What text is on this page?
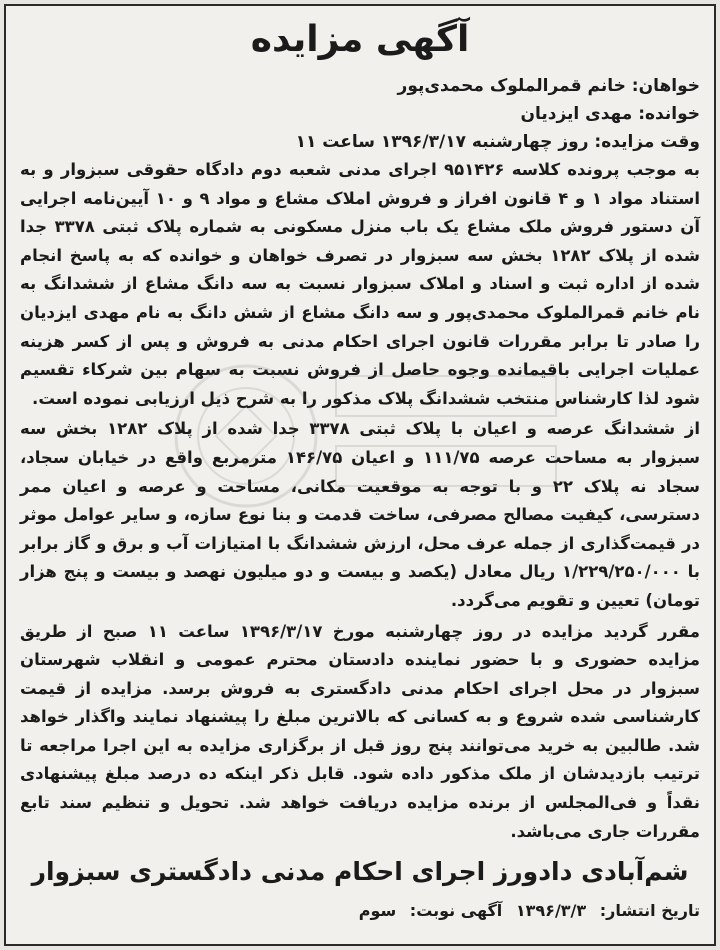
آگهی مزایده
خواهان: خانم قمرالملوک محمدی‌پور
خوانده: مهدی ایزدیان
وقت مزایده: روز چهارشنبه ۱۳۹۶/۳/۱۷ ساعت ۱۱

به موجب پرونده کلاسه ۹۵۱۴۲۶ اجرای مدنی شعبه دوم دادگاه حقوقی سبزوار و به استناد مواد ۱ و ۴ قانون افراز و فروش املاک مشاع و مواد ۹ و ۱۰ آیین‌نامه اجرایی آن دستور فروش ملک مشاع یک باب منزل مسکونی به شماره پلاک ثبتی ۳۳۷۸ جدا شده از پلاک ۱۲۸۲ بخش سه سبزوار در تصرف خواهان و خوانده که به پاسخ انجام شده از اداره ثبت و اسناد و املاک سبزوار نسبت به سه دانگ مشاع از ششدانگ به نام خانم قمرالملوک محمدی‌پور و سه دانگ مشاع از شش دانگ به نام مهدی ایزدیان را صادر تا برابر مقررات قانون اجرای احکام مدنی به فروش و پس از کسر هزینه عملیات اجرایی باقیمانده وجوه حاصل از فروش نسبت به سهام بین شرکاء تقسیم شود لذا کارشناس منتخب ششدانگ پلاک مذکور را به شرح ذیل ارزیابی نموده است.

از ششدانگ عرصه و اعیان با پلاک ثبتی ۳۳۷۸ جدا شده از پلاک ۱۲۸۲ بخش سه سبزوار به مساحت عرصه ۱۱۱/۷۵ و اعیان ۱۴۶/۷۵ مترمربع واقع در خیابان سجاد، سجاد نه پلاک ۲۲ و با توجه به موقعیت مکانی، مساحت و عرصه و اعیان ممر دسترسی، کیفیت مصالح مصرفی، ساخت قدمت و بنا نوع سازه، و سایر عوامل موثر در قیمت‌گذاری از جمله عرف محل، ارزش ششدانگ با امتیازات آب و برق و گاز برابر با ۱/۲۲۹/۲۵۰/۰۰۰ ریال معادل (یکصد و بیست و دو میلیون نهصد و بیست و پنج هزار تومان) تعیین و تقویم می‌گردد.

مقرر گردید مزایده در روز چهارشنبه مورخ ۱۳۹۶/۳/۱۷ ساعت ۱۱ صبح از طریق مزایده حضوری و با حضور نماینده دادستان محترم عمومی و انقلاب شهرستان سبزوار در محل اجرای احکام مدنی دادگستری به فروش برسد. مزایده از قیمت کارشناسی شده شروع و به کسانی که بالاترین مبلغ را پیشنهاد نمایند واگذار خواهد شد. طالبین به خرید می‌توانند پنج روز قبل از برگزاری مزایده به این اجرا مراجعه تا ترتیب بازدیدشان از ملک مذکور داده شود. قابل ذکر اینکه ده درصد مبلغ پیشنهادی نقداً و فی‌المجلس از برنده مزایده دریافت خواهد شد. تحویل و تنظیم سند تابع مقررات جاری می‌باشد.

شم‌آبادی دادورز اجرای احکام مدنی دادگستری سبزوار
تاریخ انتشار: ۱۳۹۶/۳/۳ آگهی نوبت: سوم
